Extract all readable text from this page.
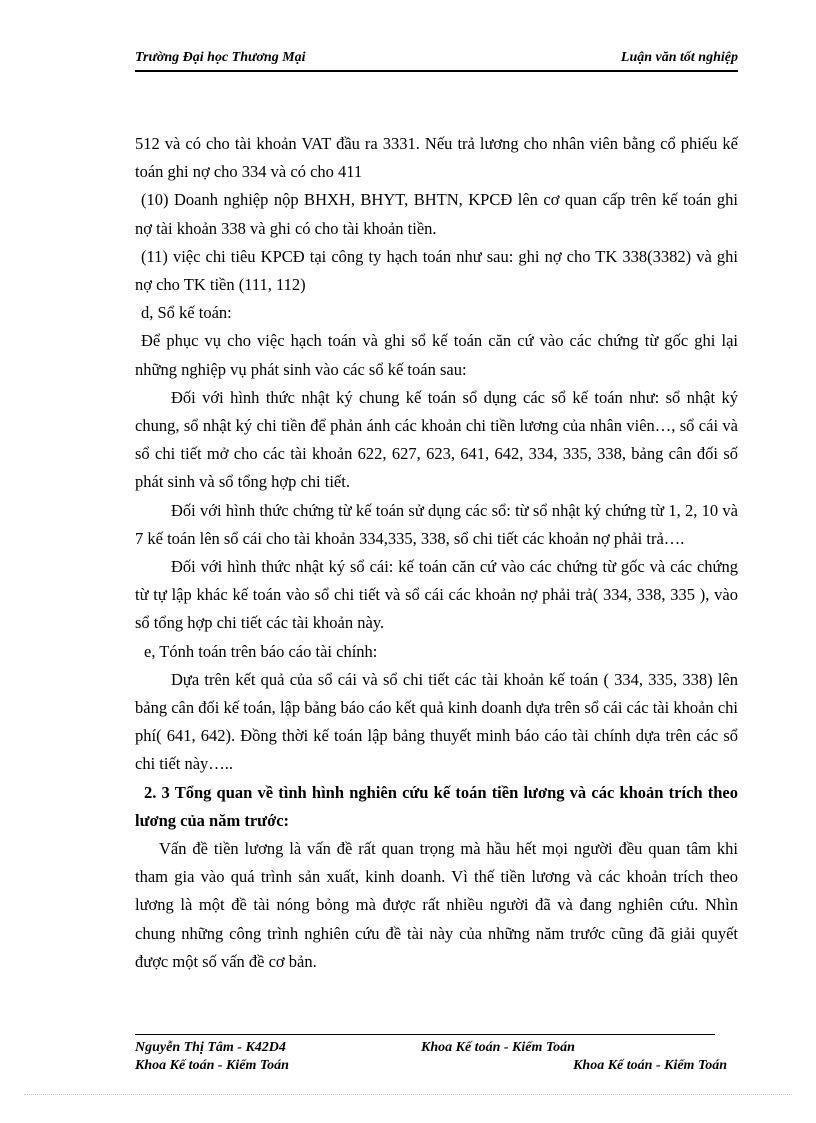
Trường Đại học Thương Mại	Luận văn tốt nghiệp

512 và có cho tài khoản VAT đầu ra 3331. Nếu trả lương cho nhân viên bằng cổ phiếu kế toán ghi nợ cho 334 và có cho 411

(10) Doanh nghiệp nộp BHXH, BHYT, BHTN, KPCĐ lên cơ quan cấp trên kế toán ghi nợ tài khoản 338 và ghi có cho tài khoản tiền.

(11) việc chi tiêu KPCĐ tại công ty hạch toán như sau: ghi nợ cho TK 338(3382) và ghi nợ cho TK tiền (111, 112)

d, Sổ kế toán:

Để phục vụ cho việc hạch toán và ghi sổ kế toán căn cứ vào các chứng từ gốc ghi lại những nghiệp vụ phát sinh vào các sổ kế toán sau:

Đối với hình thức nhật ký chung kế toán sổ dụng các sổ kế toán như: sổ nhật ký chung, sổ nhật ký chi tiền để phản ánh các khoản chi tiền lương của nhân viên…, sổ cái và sổ chi tiết mở cho các tài khoản 622, 627, 623, 641, 642, 334, 335, 338, bảng cân đối số phát sinh và sổ tổng hợp chi tiết.

Đối với hình thức chứng từ kế toán sử dụng các sổ: từ sổ nhật ký chứng từ 1, 2, 10 và 7 kế toán lên sổ cái cho tài khoản 334,335, 338, sổ chi tiết các khoản nợ phải trả….

Đối với hình thức nhật ký sổ cái: kế toán căn cứ vào các chứng từ gốc và các chứng từ tự lập khác kế toán vào sổ chi tiết và sổ cái các khoản nợ phải trả( 334, 338, 335 ), vào sổ tổng hợp chi tiết các tài khoản này.

e, Tónh toán trên báo cáo tài chính:

Dựa trên kết quả của sổ cái và sổ chi tiết các tài khoản kế toán ( 334, 335, 338) lên bảng cân đối kế toán, lập bảng báo cáo kết quả kinh doanh dựa trên sổ cái các tài khoản chi phí( 641, 642). Đồng thời kế toán lập bảng thuyết minh báo cáo tài chính dựa trên các sổ chi tiết này…..

2. 3 Tổng quan về tình hình nghiên cứu kế toán tiền lương và các khoản trích theo lương của năm trước:

Vấn đề tiền lương là vấn đề rất quan trọng mà hầu hết mọi người đều quan tâm khi tham gia vào quá trình sản xuất, kinh doanh. Vì thế tiền lương và các khoản trích theo lương là một đề tài nóng bỏng mà được rất nhiều người đã và đang nghiên cứu. Nhìn chung những công trình nghiên cứu đề tài này của những năm trước cũng đã giải quyết được một số vấn đề cơ bản.

Nguyễn Thị Tâm - K42D4	Khoa Kế toán - Kiểm Toán
Khoa Kế toán - Kiểm Toán	Khoa Kế toán - Kiểm Toán
